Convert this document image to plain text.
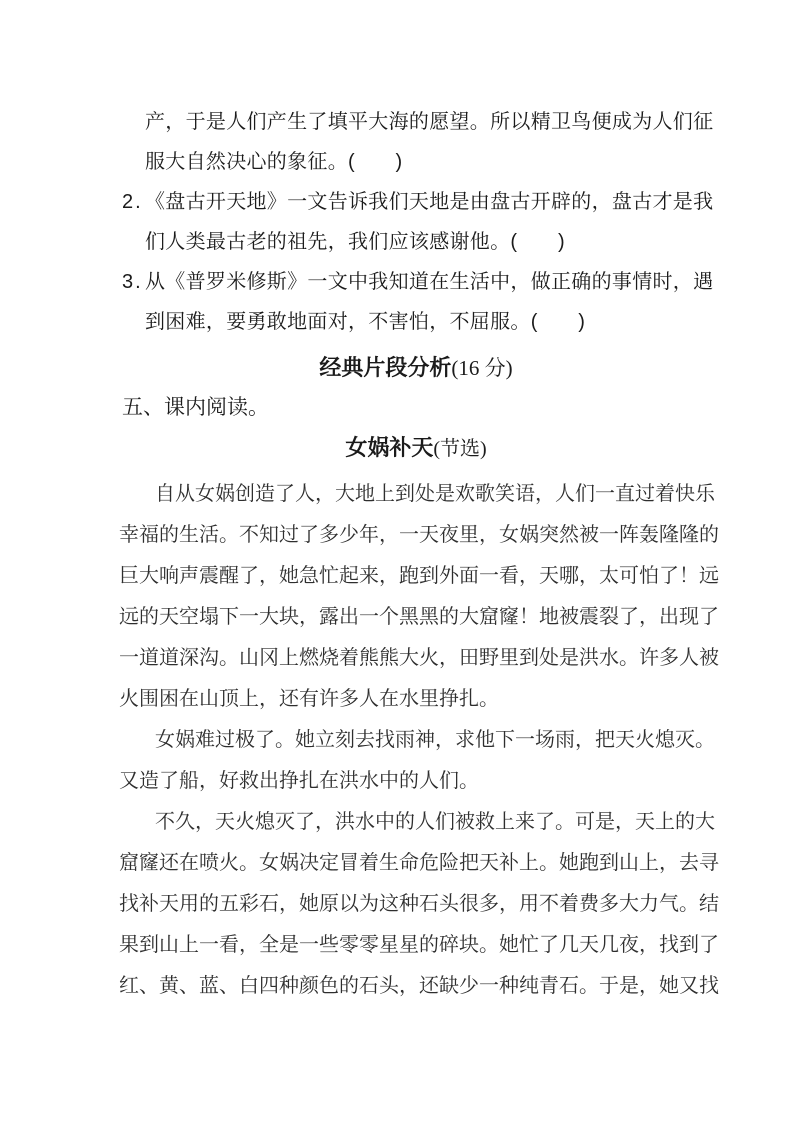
产，于是人们产生了填平大海的愿望。所以精卫鸟便成为人们征
服大自然决心的象征。(　　)
2. 《盘古开天地》一文告诉我们天地是由盘古开辟的，盘古才是我
们人类最古老的祖先，我们应该感谢他。(　　)
3. 从《普罗米修斯》一文中我知道在生活中，做正确的事情时，遇
到困难，要勇敢地面对，不害怕，不屈服。(　　)
经典片段分析(16 分)
五、课内阅读。
女娲补天(节选)
自从女娲创造了人，大地上到处是欢歌笑语，人们一直过着快乐
幸福的生活。不知过了多少年，一天夜里，女娲突然被一阵轰隆隆的
巨大响声震醒了，她急忙起来，跑到外面一看，天哪，太可怕了！远
远的天空塌下一大块，露出一个黑黑的大窟窿！地被震裂了，出现了
一道道深沟。山冈上燃烧着熊熊大火，田野里到处是洪水。许多人被
火围困在山顶上，还有许多人在水里挣扎。
女娲难过极了。她立刻去找雨神，求他下一场雨，把天火熄灭。
又造了船，好救出挣扎在洪水中的人们。
不久，天火熄灭了，洪水中的人们被救上来了。可是，天上的大
窟窿还在喷火。女娲决定冒着生命危险把天补上。她跑到山上，去寻
找补天用的五彩石，她原以为这种石头很多，用不着费多大力气。结
果到山上一看，全是一些零零星星的碎块。她忙了几天几夜，找到了
红、黄、蓝、白四种颜色的石头，还缺少一种纯青石。于是，她又找
